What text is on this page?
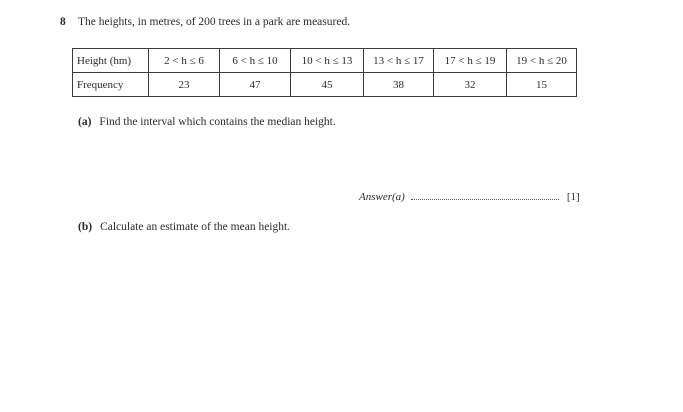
8 The heights, in metres, of 200 trees in a park are measured.
Height (hm)	2 < h ≤ 6	6 < h ≤ 10	10 < h ≤ 13	13 < h ≤ 17	17 < h ≤ 19	19 < h ≤ 20
Frequency	23	47	45	38	32	15
(a) Find the interval which contains the median height.
Answer(a)	[1]
(b) Calculate an estimate of the mean height.
